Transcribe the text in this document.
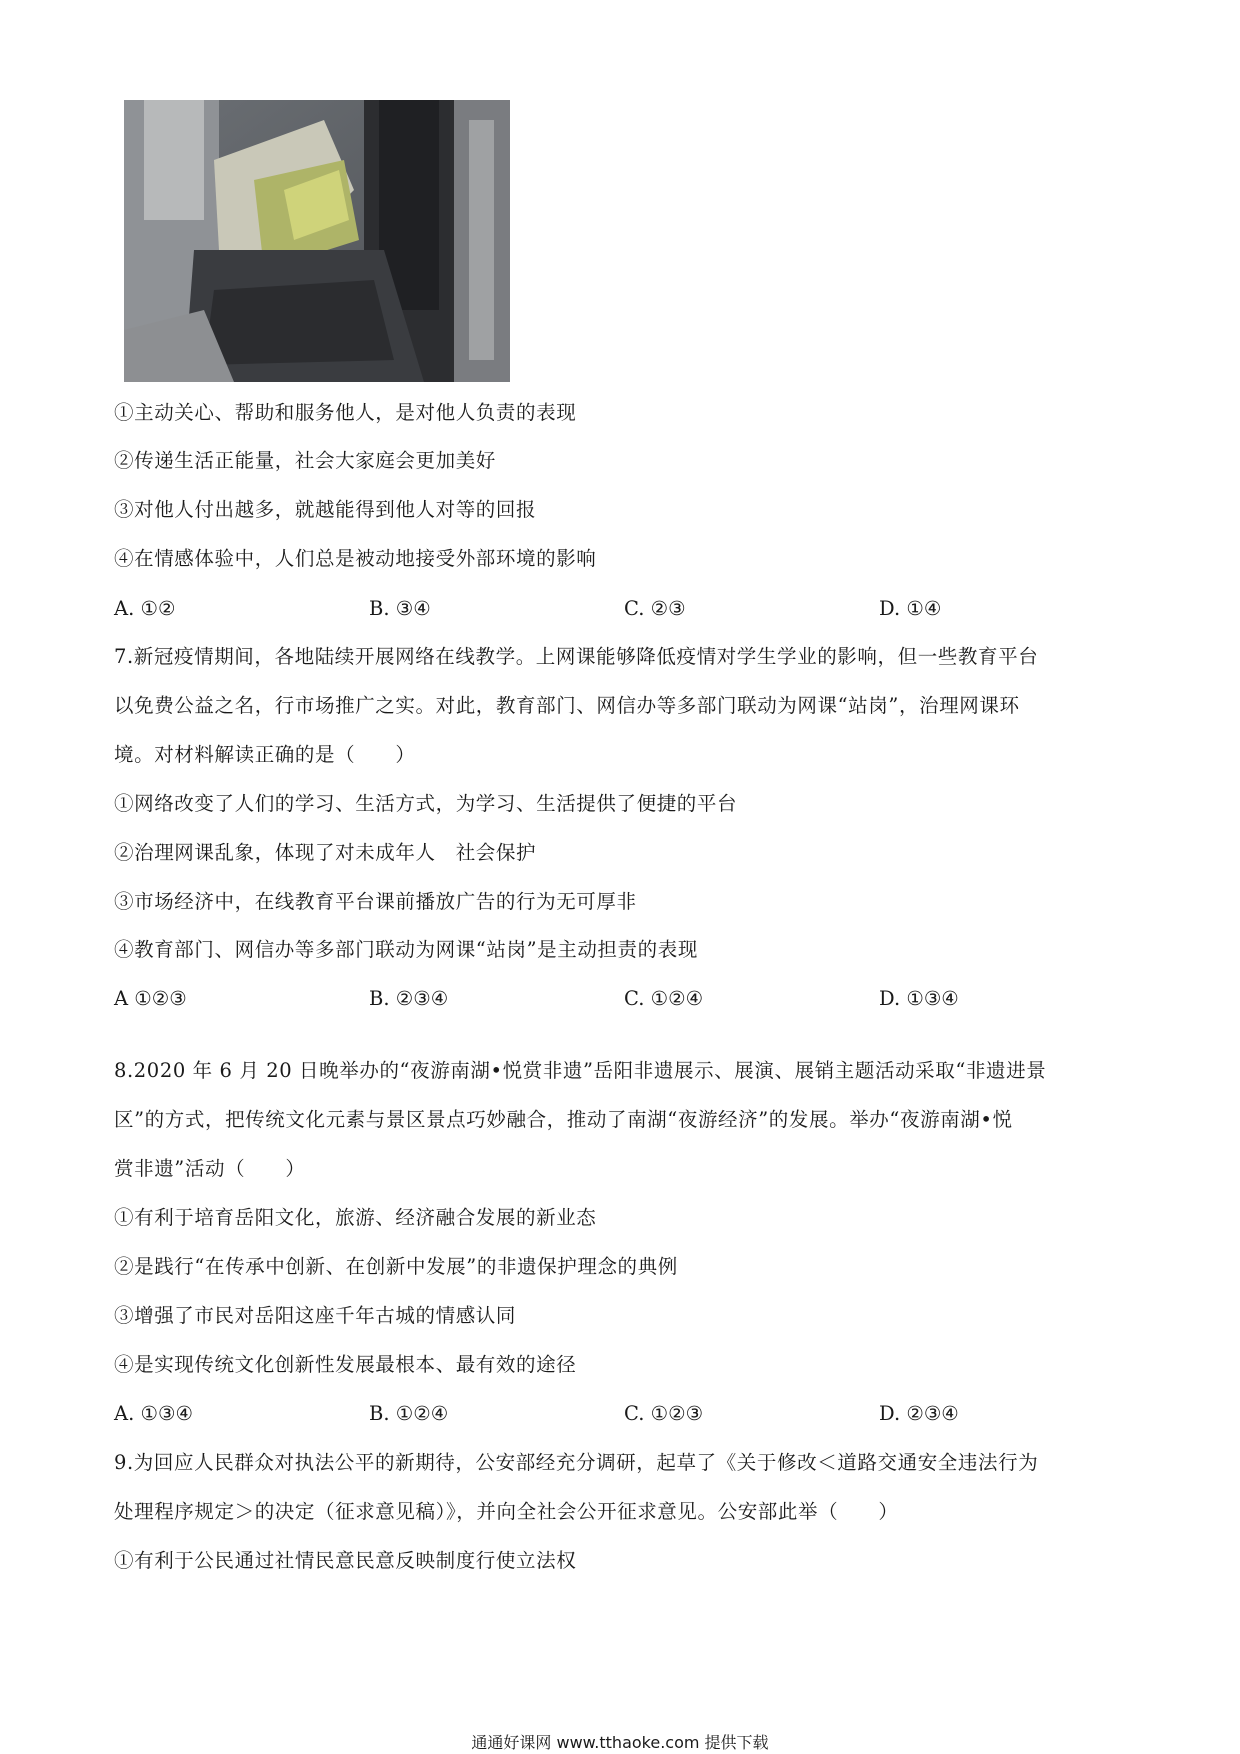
①主动关心、帮助和服务他人，是对他人负责的表现
②传递生活正能量，社会大家庭会更加美好
③对他人付出越多，就越能得到他人对等的回报
④在情感体验中，人们总是被动地接受外部环境的影响
A. ①②	B. ③④	C. ②③	D. ①④
7.新冠疫情期间，各地陆续开展网络在线教学。上网课能够降低疫情对学生学业的影响，但一些教育平台
以免费公益之名，行市场推广之实。对此，教育部门、网信办等多部门联动为网课“站岗”，治理网课环
境。对材料解读正确的是（　　）
①网络改变了人们的学习、生活方式，为学习、生活提供了便捷的平台
②治理网课乱象，体现了对未成年人　社会保护
③市场经济中，在线教育平台课前播放广告的行为无可厚非
④教育部门、网信办等多部门联动为网课“站岗”是主动担责的表现
A ①②③	B. ②③④	C. ①②④	D. ①③④
8.2020 年 6 月 20 日晚举办的“夜游南湖•悦赏非遗”岳阳非遗展示、展演、展销主题活动采取“非遗进景
区”的方式，把传统文化元素与景区景点巧妙融合，推动了南湖“夜游经济”的发展。举办“夜游南湖•悦
赏非遗”活动（　　）
①有利于培育岳阳文化，旅游、经济融合发展的新业态
②是践行“在传承中创新、在创新中发展”的非遗保护理念的典例
③增强了市民对岳阳这座千年古城的情感认同
④是实现传统文化创新性发展最根本、最有效的途径
A. ①③④	B. ①②④	C. ①②③	D. ②③④
9.为回应人民群众对执法公平的新期待，公安部经充分调研，起草了《关于修改＜道路交通安全违法行为
处理程序规定＞的决定（征求意见稿）》，并向全社会公开征求意见。公安部此举（　　）
①有利于公民通过社情民意民意反映制度行使立法权
通通好课网 www.tthaoke.com 提供下载
